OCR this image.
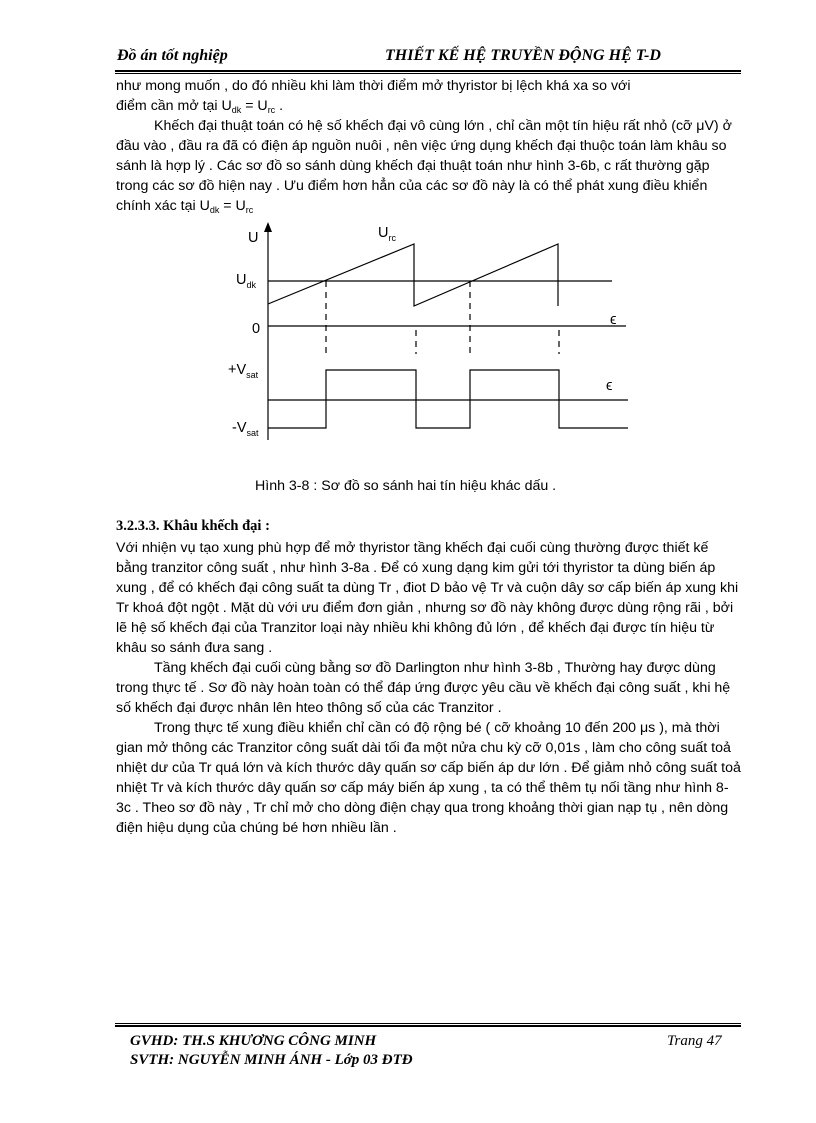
Đồ án tốt nghiệp	THIẾT KẾ HỆ TRUYỀN ĐỘNG HỆ T-D

như mong muốn , do đó nhiều khi làm thời điểm mở thyristor bị lệch khá xa so với
điểm cần mở tại $U_{dk} = U_{rc}$ .

Khếch đại thuật toán có hệ số khếch đại vô cùng lớn , chỉ cần một tín hiệu rất nhỏ (cỡ μV) ở đầu vào , đầu ra đã có điện áp nguồn nuôi , nên việc ứng dụng khếch đại thuộc toán làm khâu so sánh là hợp lý . Các sơ đồ so sánh dùng khếch đại thuật toán như hình 3-6b, c rất thường gặp trong các sơ đồ hiện nay . Ưu điểm hơn hẳn của các sơ đồ này là có thể phát xung điều khiển chính xác tại $U_{dk} = U_{rc}$

U	$U_{rc}$
$U_{dk}$
0
ϵ
ϵ
$+V_{sat}$
$-V_{sat}$
Hình 3-8 : Sơ đồ so sánh hai tín hiệu khác dấu .
3.2.3.3. Khâu khếch đại :

Với nhiện vụ tạo xung phù hợp để mở thyristor tầng khếch đại cuối cùng thường được thiết kế bằng tranzitor công suất , như hình 3-8a . Để có xung dạng kim gửi tới thyristor ta dùng biến áp xung , để có khếch đại công suất ta dùng Tr , điot D bảo vệ Tr và cuộn dây sơ cấp biến áp xung khi Tr khoá đột ngột . Mặt dù với ưu điểm đơn giản , nhưng sơ đồ này không được dùng rộng rãi , bởi lẽ hệ số khếch đại của Tranzitor loại này nhiều khi không đủ lớn , để khếch đại được tín hiệu từ khâu so sánh đưa sang .

Tầng khếch đại cuối cùng bằng sơ đồ Darlington như hình 3-8b , Thường hay được dùng trong thực tế . Sơ đồ này hoàn toàn có thể đáp ứng được yêu cầu về khếch đại công suất , khi hệ số khếch đại được nhân lên hteo thông số của các Tranzitor .

Trong thực tế xung điều khiển chỉ cần có độ rộng bé ( cỡ khoảng 10 đến 200 μs ), mà thời gian mở thông các Tranzitor công suất dài tối đa một nửa chu kỳ cỡ 0,01s , làm cho công suất toả nhiệt dư của Tr quá lớn và kích thước dây quấn sơ cấp biến áp dư lớn . Để giảm nhỏ công suất toả nhiệt Tr và kích thước dây quấn sơ cấp máy biến áp xung , ta có thể thêm tụ nối tầng như hình 8-3c . Theo sơ đồ này , Tr chỉ mở cho dòng điện chạy qua trong khoảng thời gian nạp tụ , nên dòng điện hiệu dụng của chúng bé hơn nhiều lần .

GVHD: TH.S KHƯƠNG CÔNG MINH
SVTH: NGUYỄN MINH ÁNH - Lớp 03 ĐTĐ
Trang 47
